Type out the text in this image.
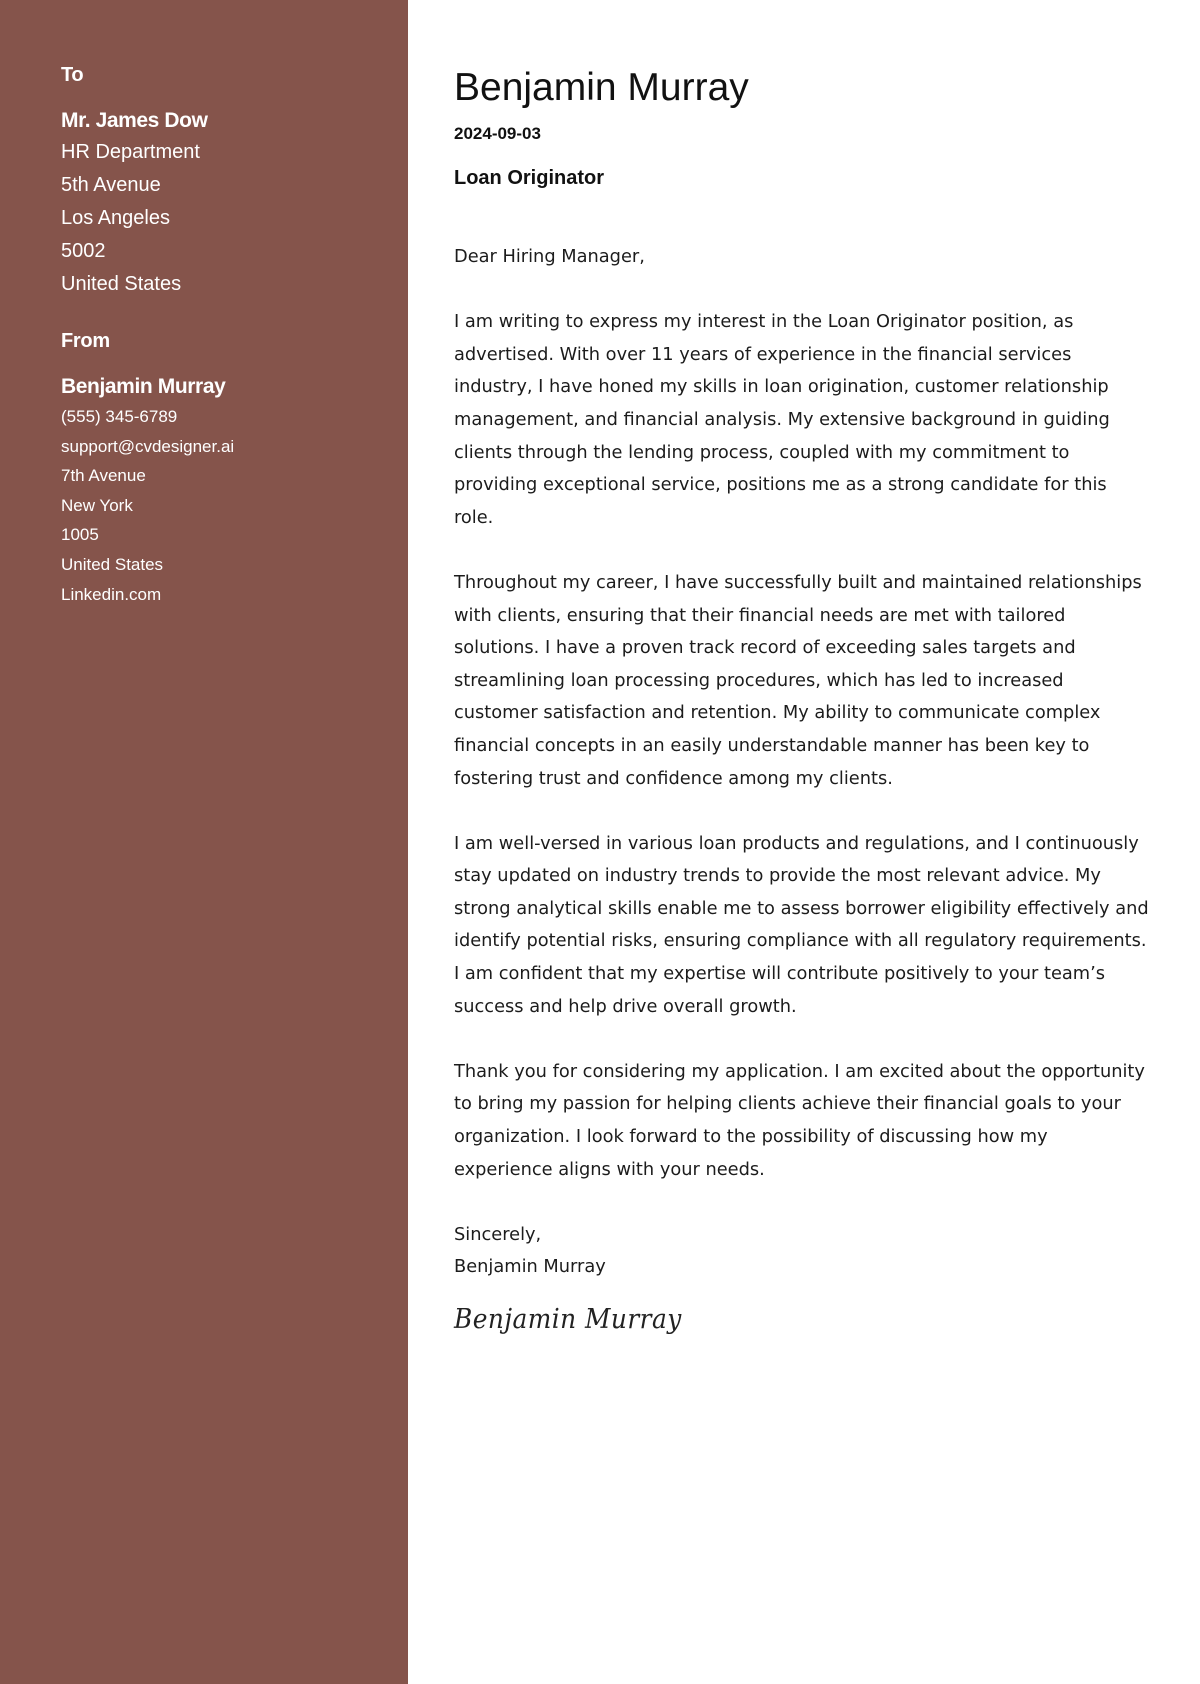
To
Mr. James Dow
HR Department
5th Avenue
Los Angeles
5002
United States
From
Benjamin Murray
(555) 345-6789
support@cvdesigner.ai
7th Avenue
New York
1005
United States
Linkedin.com
Benjamin Murray
2024-09-03
Loan Originator

Dear Hiring Manager,

I am writing to express my interest in the Loan Originator position, as advertised. With over 11 years of experience in the financial services industry, I have honed my skills in loan origination, customer relationship management, and financial analysis. My extensive background in guiding clients through the lending process, coupled with my commitment to providing exceptional service, positions me as a strong candidate for this role.

Throughout my career, I have successfully built and maintained relationships with clients, ensuring that their financial needs are met with tailored solutions. I have a proven track record of exceeding sales targets and streamlining loan processing procedures, which has led to increased customer satisfaction and retention. My ability to communicate complex financial concepts in an easily understandable manner has been key to fostering trust and confidence among my clients.

I am well-versed in various loan products and regulations, and I continuously stay updated on industry trends to provide the most relevant advice. My strong analytical skills enable me to assess borrower eligibility effectively and identify potential risks, ensuring compliance with all regulatory requirements. I am confident that my expertise will contribute positively to your team’s success and help drive overall growth.

Thank you for considering my application. I am excited about the opportunity to bring my passion for helping clients achieve their financial goals to your organization. I look forward to the possibility of discussing how my experience aligns with your needs.

Sincerely,
Benjamin Murray
Benjamin Murray
